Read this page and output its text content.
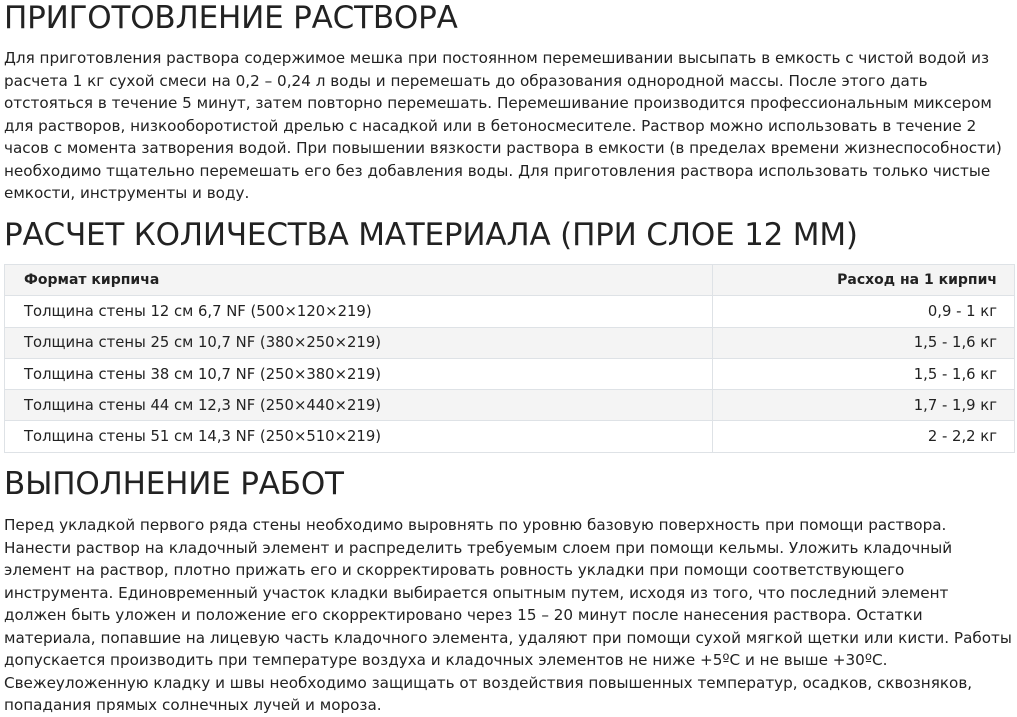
ПРИГОТОВЛЕНИЕ РАСТВОРА

Для приготовления раствора содержимое мешка при постоянном перемешивании высыпать в емкость с чистой водой из расчета 1 кг сухой смеси на 0,2 – 0,24 л воды и перемешать до образования однородной массы. После этого дать отстояться в течение 5 минут, затем повторно перемешать. Перемешивание производится профессиональным миксером для растворов, низкооборотистой дрелью с насадкой или в бетоносмесителе. Раствор можно использовать в течение 2 часов с момента затворения водой. При повышении вязкости раствора в емкости (в пределах времени жизнеспособности) необходимо тщательно перемешать его без добавления воды. Для приготовления раствора использовать только чистые емкости, инструменты и воду.

РАСЧЕТ КОЛИЧЕСТВА МАТЕРИАЛА (ПРИ СЛОЕ 12 ММ)
Формат кирпича	Расход на 1 кирпич
Толщина стены 12 см 6,7 NF (500×120×219)	0,9 - 1 кг
Толщина стены 25 см 10,7 NF (380×250×219)	1,5 - 1,6 кг
Толщина стены 38 см 10,7 NF (250×380×219)	1,5 - 1,6 кг
Толщина стены 44 см 12,3 NF (250×440×219)	1,7 - 1,9 кг
Толщина стены 51 см 14,3 NF (250×510×219)	2 - 2,2 кг
ВЫПОЛНЕНИЕ РАБОТ

Перед укладкой первого ряда стены необходимо выровнять по уровню базовую поверхность при помощи раствора. Нанести раствор на кладочный элемент и распределить требуемым слоем при помощи кельмы. Уложить кладочный элемент на раствор, плотно прижать его и скорректировать ровность укладки при помощи соответствующего инструмента. Единовременный участок кладки выбирается опытным путем, исходя из того, что последний элемент должен быть уложен и положение его скорректировано через 15 – 20 минут после нанесения раствора. Остатки материала, попавшие на лицевую часть кладочного элемента, удаляют при помощи сухой мягкой щетки или кисти. Работы допускается производить при температуре воздуха и кладочных элементов не ниже +5ºС и не выше +30ºС. Свежеуложенную кладку и швы необходимо защищать от воздействия повышенных температур, осадков, сквозняков, попадания прямых солнечных лучей и мороза.
